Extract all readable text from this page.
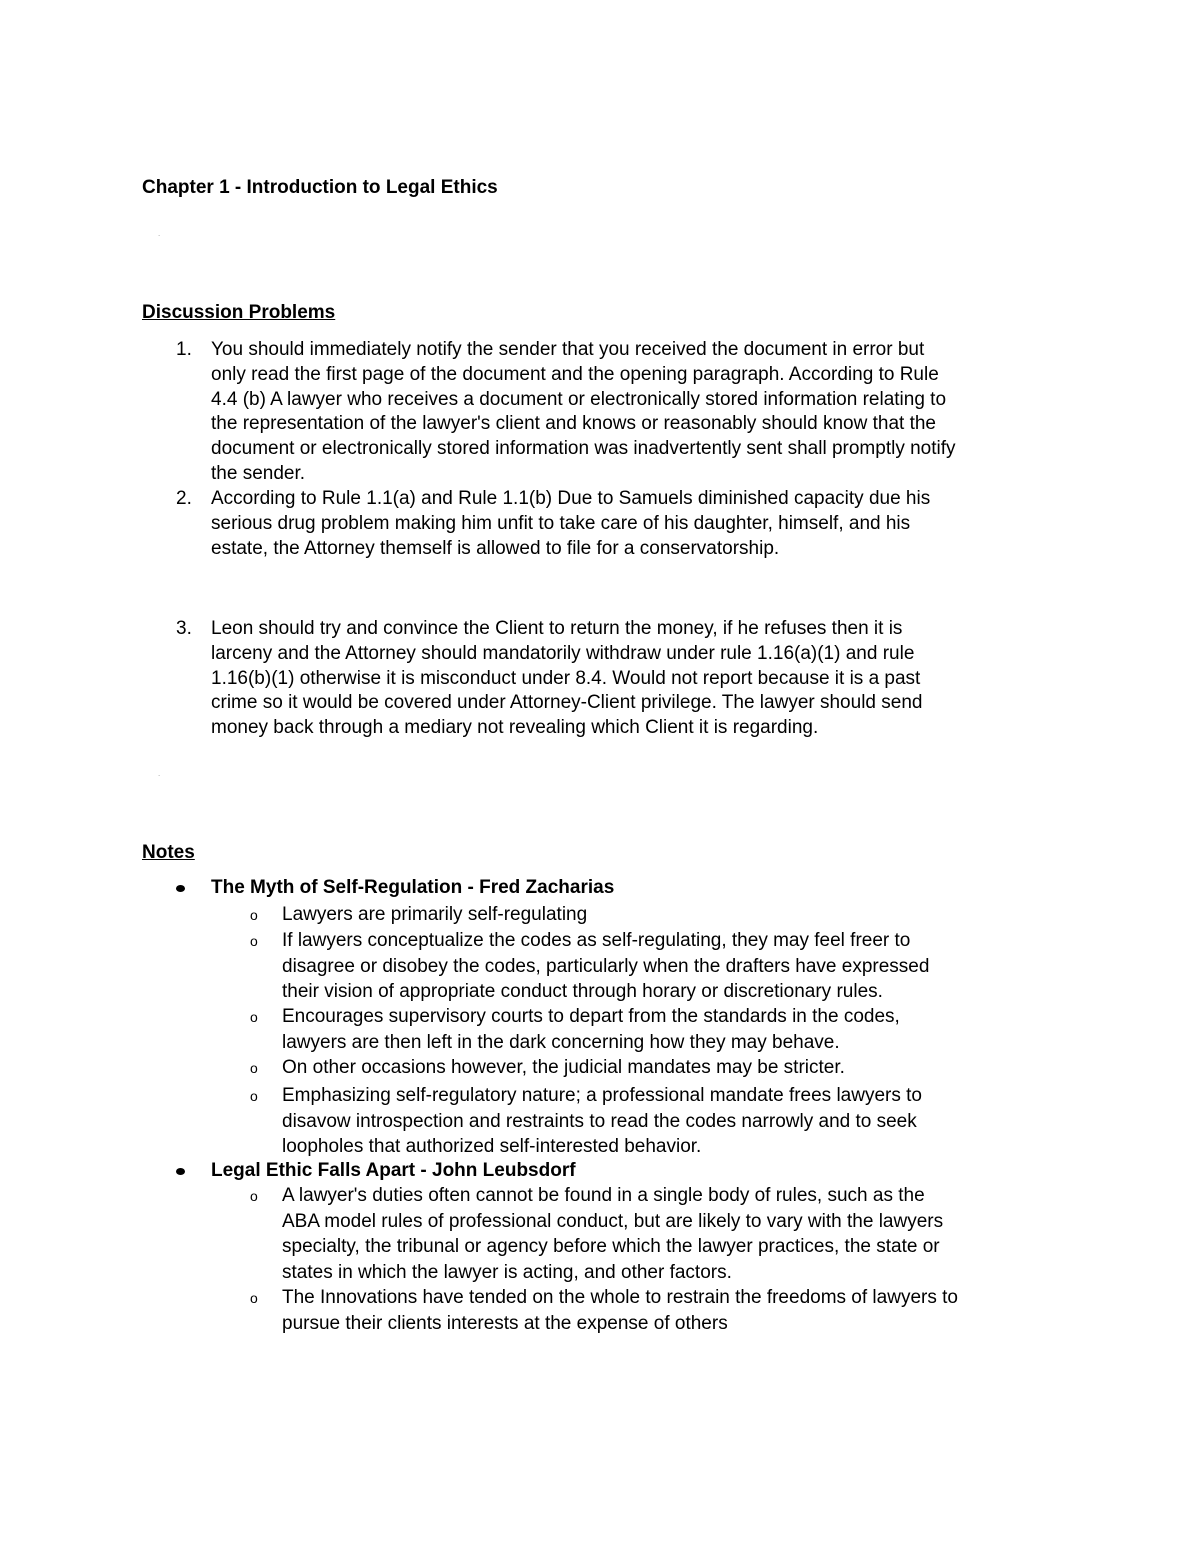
Chapter 1 - Introduction to Legal Ethics
.
Discussion Problems
1. You should immediately notify the sender that you received the document in error but
only read the first page of the document and the opening paragraph. According to Rule
4.4 (b) A lawyer who receives a document or electronically stored information relating to
the representation of the lawyer's client and knows or reasonably should know that the
document or electronically stored information was inadvertently sent shall promptly notify
the sender.
2. According to Rule 1.1(a) and Rule 1.1(b) Due to Samuels diminished capacity due his
serious drug problem making him unfit to take care of his daughter, himself, and his
estate, the Attorney themself is allowed to file for a conservatorship.
3. Leon should try and convince the Client to return the money, if he refuses then it is
larceny and the Attorney should mandatorily withdraw under rule 1.16(a)(1) and rule
1.16(b)(1) otherwise it is misconduct under 8.4. Would not report because it is a past
crime so it would be covered under Attorney-Client privilege. The lawyer should send
money back through a mediary not revealing which Client it is regarding.
.
Notes
The Myth of Self-Regulation - Fred Zacharias
o Lawyers are primarily self-regulating
o If lawyers conceptualize the codes as self-regulating, they may feel freer to
disagree or disobey the codes, particularly when the drafters have expressed
their vision of appropriate conduct through horary or discretionary rules.
o Encourages supervisory courts to depart from the standards in the codes,
lawyers are then left in the dark concerning how they may behave.
o On other occasions however, the judicial mandates may be stricter.
o Emphasizing self-regulatory nature; a professional mandate frees lawyers to
disavow introspection and restraints to read the codes narrowly and to seek
loopholes that authorized self-interested behavior.
Legal Ethic Falls Apart - John Leubsdorf
o A lawyer's duties often cannot be found in a single body of rules, such as the
ABA model rules of professional conduct, but are likely to vary with the lawyers
specialty, the tribunal or agency before which the lawyer practices, the state or
states in which the lawyer is acting, and other factors.
o The Innovations have tended on the whole to restrain the freedoms of lawyers to
pursue their clients interests at the expense of others
